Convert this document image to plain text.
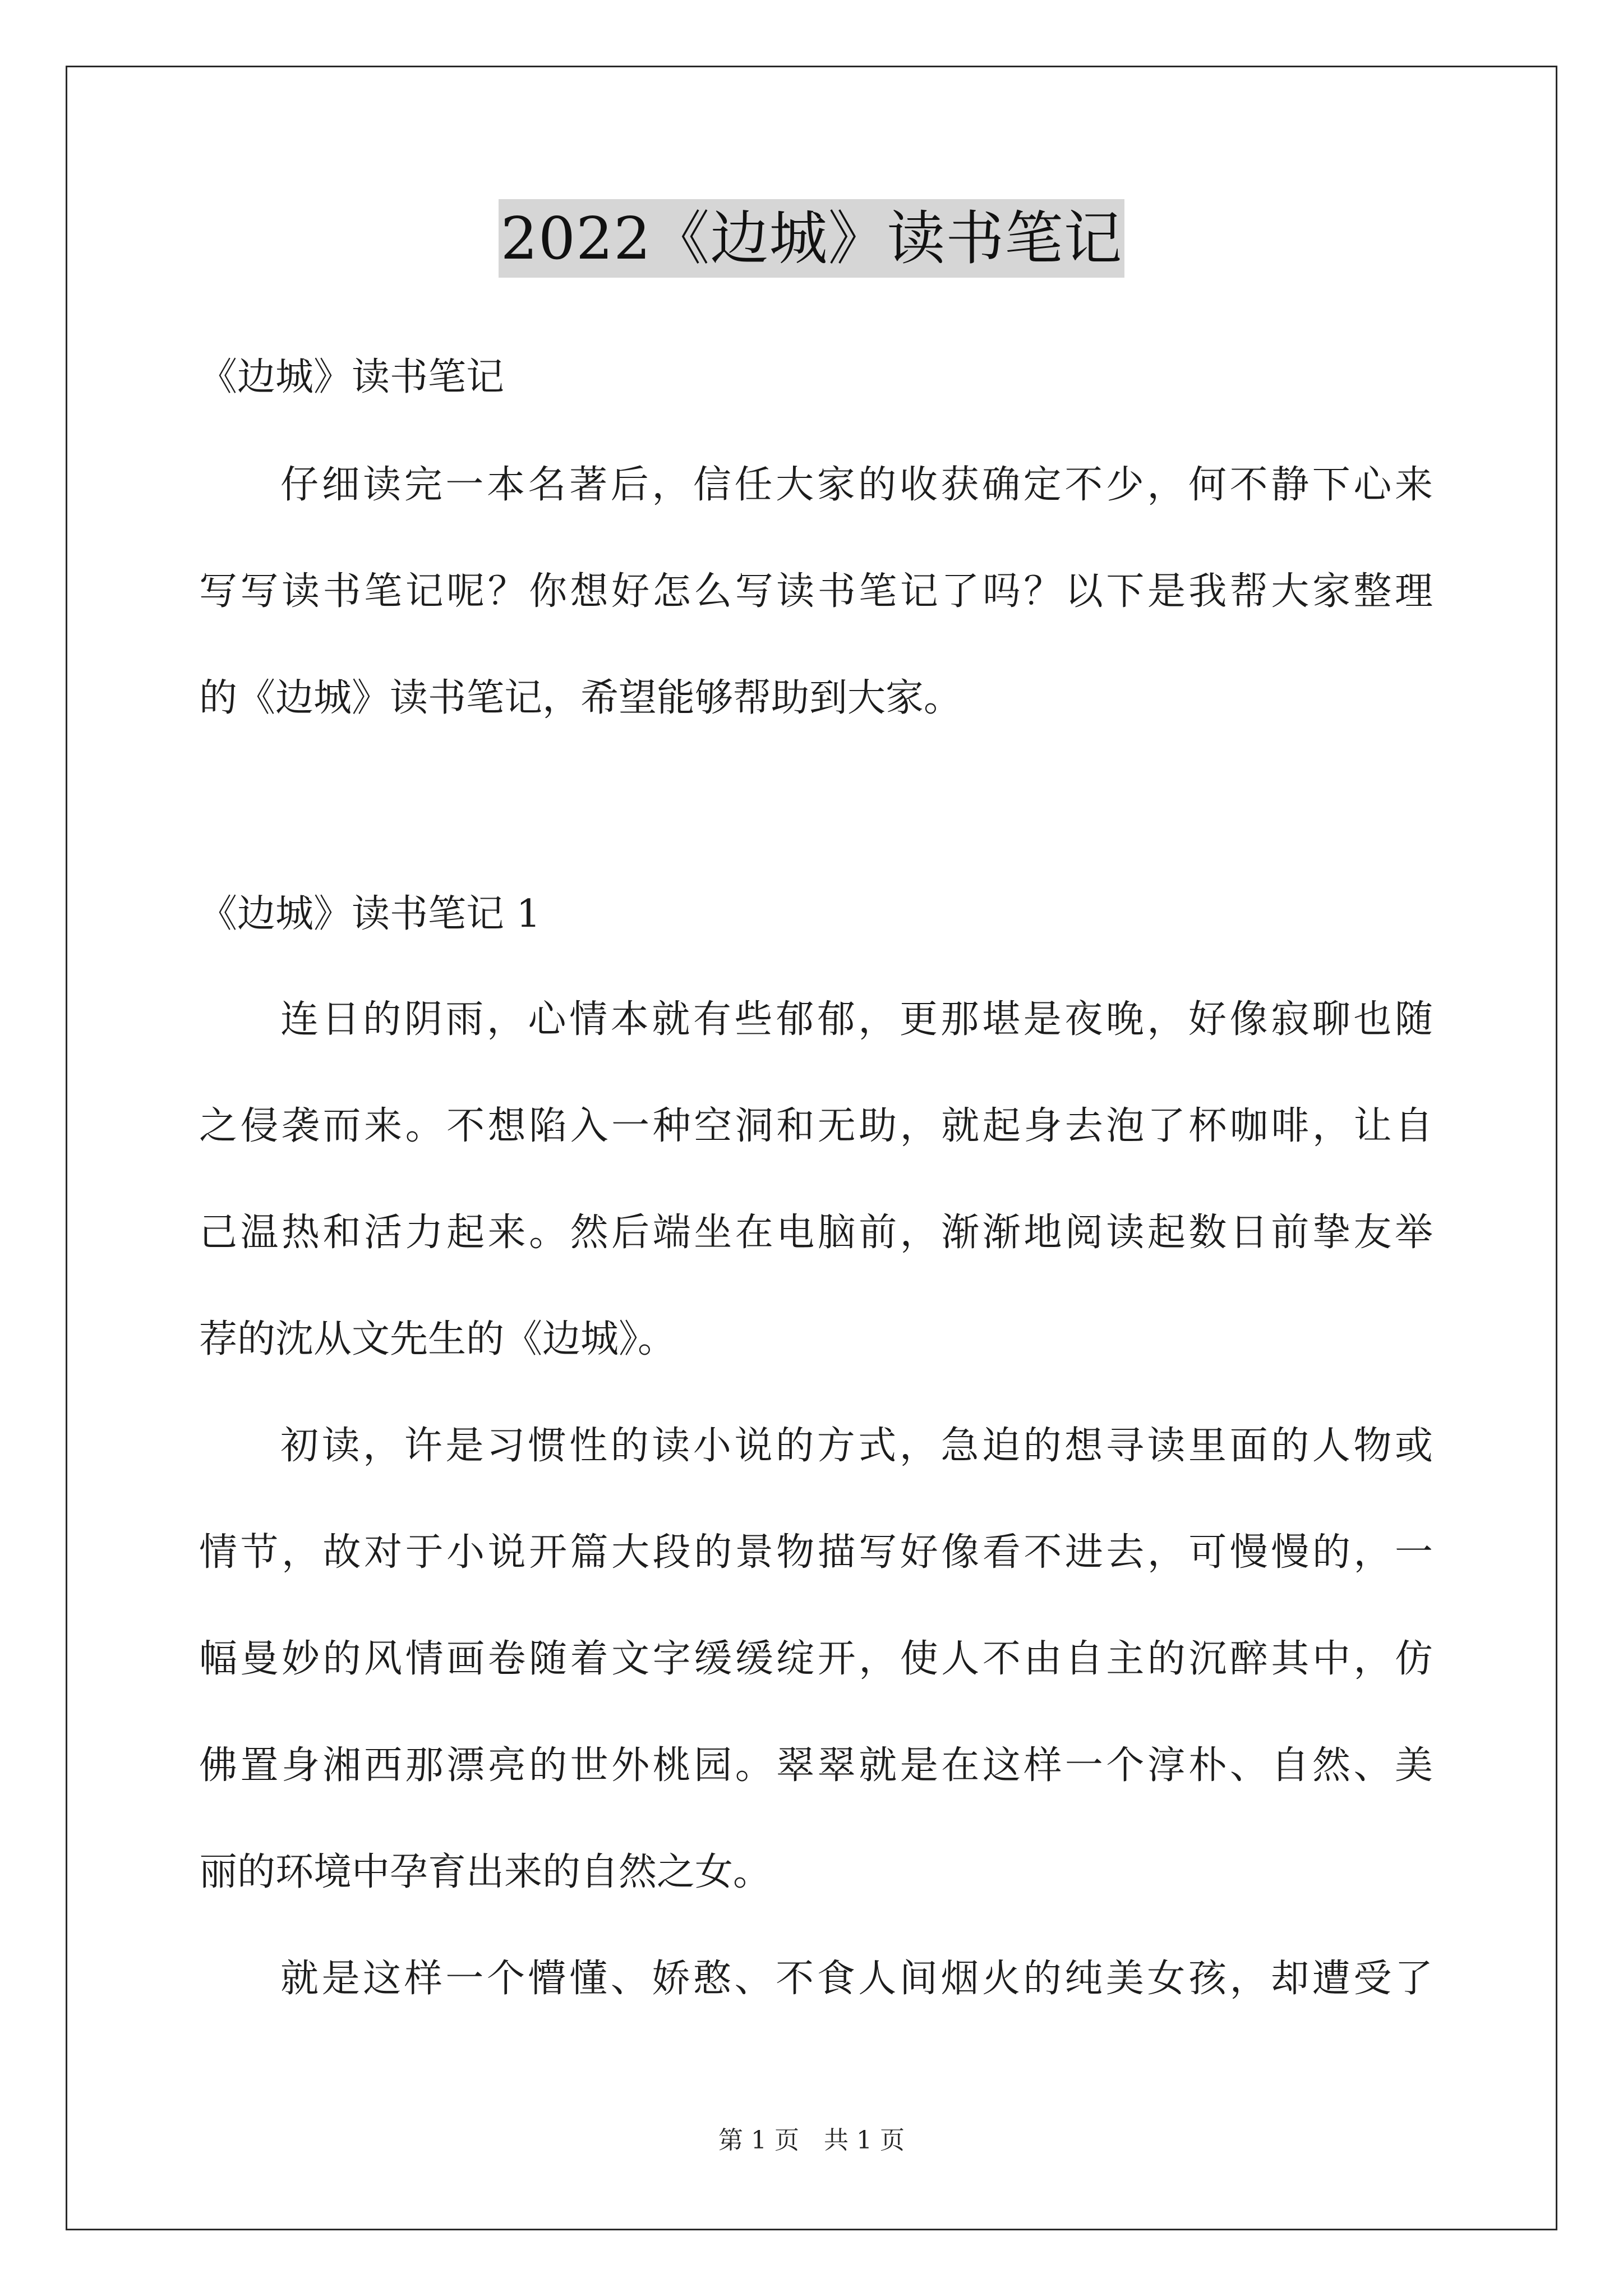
2022《边城》读书笔记
《边城》读书笔记
仔细读完一本名著后，信任大家的收获确定不少，何不静下心来
写写读书笔记呢？你想好怎么写读书笔记了吗？以下是我帮大家整理
的《边城》读书笔记，希望能够帮助到大家。
《边城》读书笔记 1
连日的阴雨，心情本就有些郁郁，更那堪是夜晚，好像寂聊也随
之侵袭而来。不想陷入一种空洞和无助，就起身去泡了杯咖啡，让自
己温热和活力起来。然后端坐在电脑前，渐渐地阅读起数日前挚友举
荐的沈从文先生的《边城》。
初读，许是习惯性的读小说的方式，急迫的想寻读里面的人物或
情节，故对于小说开篇大段的景物描写好像看不进去，可慢慢的，一
幅曼妙的风情画卷随着文字缓缓绽开，使人不由自主的沉醉其中，仿
佛置身湘西那漂亮的世外桃园。翠翠就是在这样一个淳朴、自然、美
丽的环境中孕育出来的自然之女。
就是这样一个懵懂、娇憨、不食人间烟火的纯美女孩，却遭受了
第 1 页　共 1 页
